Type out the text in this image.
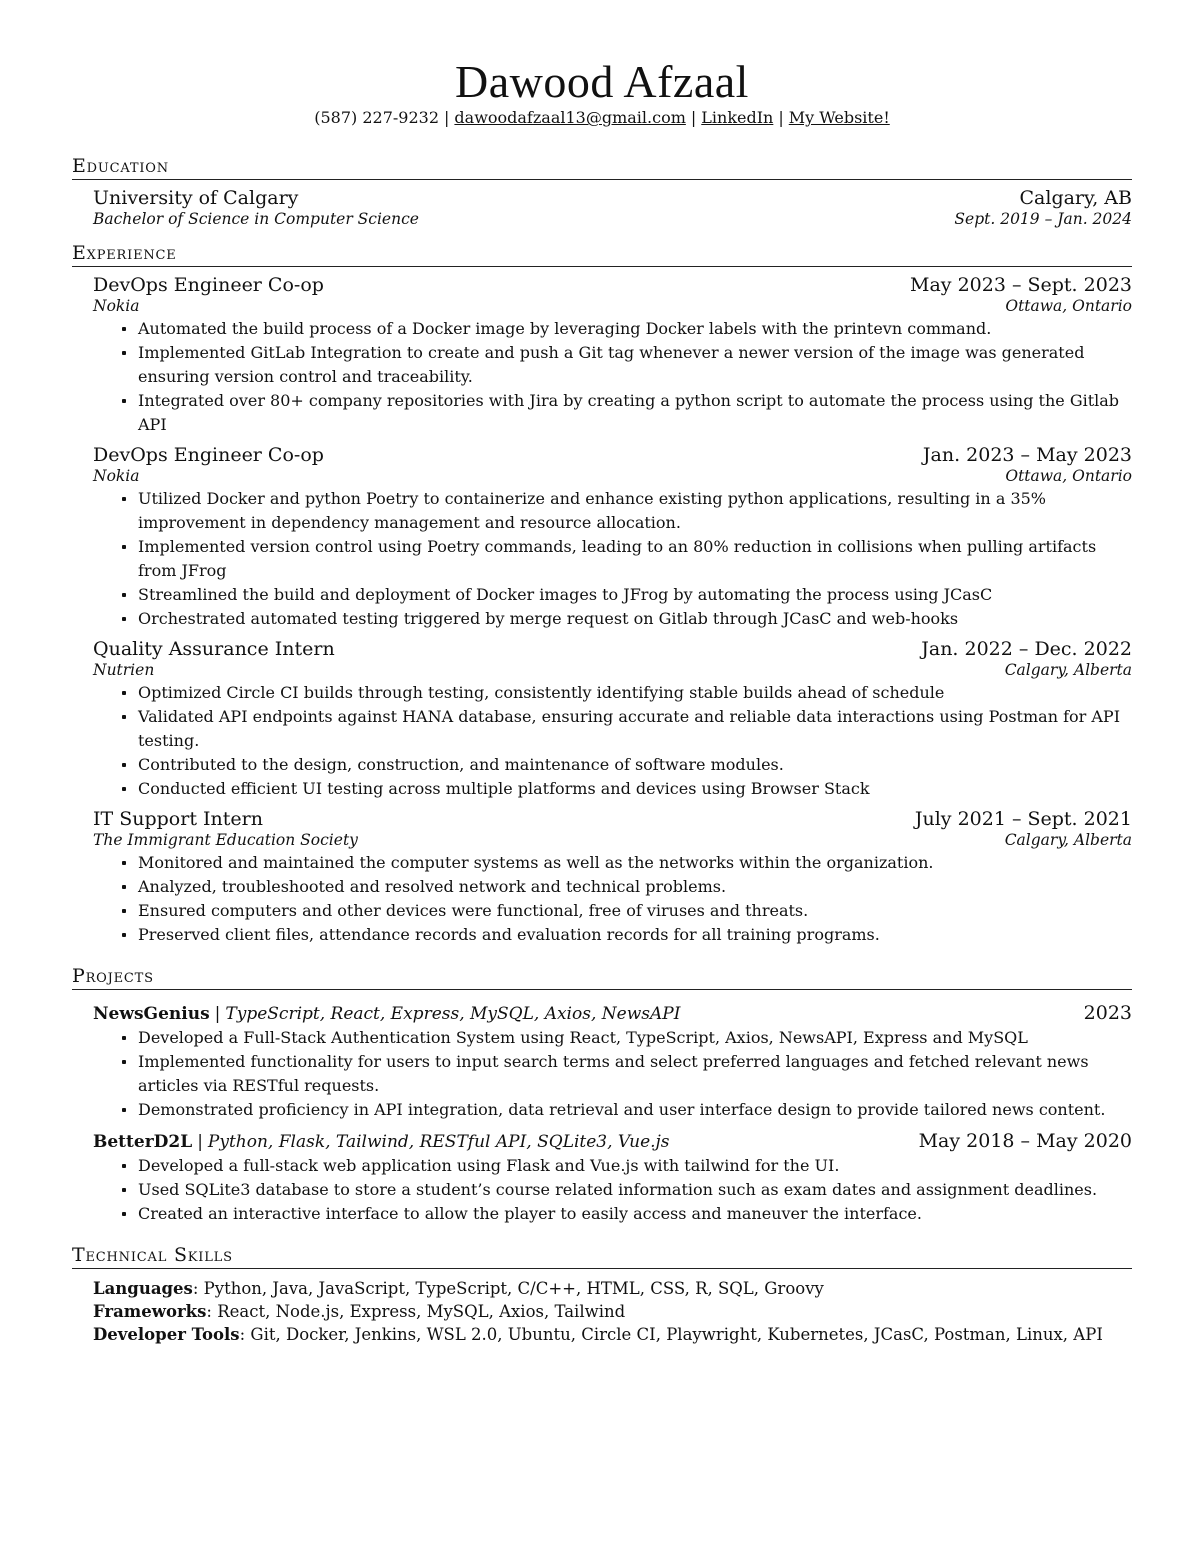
Dawood Afzaal
(587) 227-9232 | dawoodafzaal13@gmail.com | LinkedIn | My Website!
Education
University of Calgary	Calgary, AB
Bachelor of Science in Computer Science	Sept. 2019 – Jan. 2024
Experience
DevOps Engineer Co-op	May 2023 – Sept. 2023
Nokia	Ottawa, Ontario
Automated the build process of a Docker image by leveraging Docker labels with the printevn command.
Implemented GitLab Integration to create and push a Git tag whenever a newer version of the image was generated ensuring version control and traceability.
Integrated over 80+ company repositories with Jira by creating a python script to automate the process using the Gitlab API
DevOps Engineer Co-op	Jan. 2023 – May 2023
Nokia	Ottawa, Ontario
Utilized Docker and python Poetry to containerize and enhance existing python applications, resulting in a 35% improvement in dependency management and resource allocation.
Implemented version control using Poetry commands, leading to an 80% reduction in collisions when pulling artifacts from JFrog
Streamlined the build and deployment of Docker images to JFrog by automating the process using JCasC
Orchestrated automated testing triggered by merge request on Gitlab through JCasC and web-hooks
Quality Assurance Intern	Jan. 2022 – Dec. 2022
Nutrien	Calgary, Alberta
Optimized Circle CI builds through testing, consistently identifying stable builds ahead of schedule
Validated API endpoints against HANA database, ensuring accurate and reliable data interactions using Postman for API testing.
Contributed to the design, construction, and maintenance of software modules.
Conducted efficient UI testing across multiple platforms and devices using Browser Stack
IT Support Intern	July 2021 – Sept. 2021
The Immigrant Education Society	Calgary, Alberta
Monitored and maintained the computer systems as well as the networks within the organization.
Analyzed, troubleshooted and resolved network and technical problems.
Ensured computers and other devices were functional, free of viruses and threats.
Preserved client files, attendance records and evaluation records for all training programs.
Projects
NewsGenius | TypeScript, React, Express, MySQL, Axios, NewsAPI	2023
Developed a Full-Stack Authentication System using React, TypeScript, Axios, NewsAPI, Express and MySQL
Implemented functionality for users to input search terms and select preferred languages and fetched relevant news articles via RESTful requests.
Demonstrated proficiency in API integration, data retrieval and user interface design to provide tailored news content.
BetterD2L | Python, Flask, Tailwind, RESTful API, SQLite3, Vue.js	May 2018 – May 2020
Developed a full-stack web application using Flask and Vue.js with tailwind for the UI.
Used SQLite3 database to store a student’s course related information such as exam dates and assignment deadlines.
Created an interactive interface to allow the player to easily access and maneuver the interface.
Technical Skills
Languages: Python, Java, JavaScript, TypeScript, C/C++, HTML, CSS, R, SQL, Groovy
Frameworks: React, Node.js, Express, MySQL, Axios, Tailwind
Developer Tools: Git, Docker, Jenkins, WSL 2.0, Ubuntu, Circle CI, Playwright, Kubernetes, JCasC, Postman, Linux, API
